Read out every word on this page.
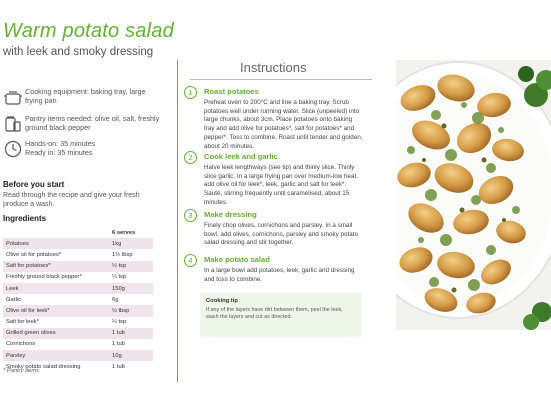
Warm potato salad
with leek and smoky dressing
Cooking equipment: baking tray, large frying pan
Pantry items needed: olive oil, salt, freshly ground black pepper
Hands-on: 35 minutes
Ready in: 35 minutes
Before you start
Read through the recipe and give your fresh produce a wash.
Ingredients
	6 serves
Potatoes	1kg
Olive oil for potatoes*	1½ tbsp
Salt for potatoes*	½ tsp
Freshly ground black pepper*	¼ tsp
Leek	150g
Garlic	6g
Olive oil for leek*	½ tbsp
Salt for leek*	¼ tsp
Grilled green olives	1 tub
Cornichons	1 tub
Parsley	10g
Smoky potato salad dressing	1 tub
* Pantry items
Instructions
1	Roast potatoes
Preheat oven to 200°C and line a baking tray. Scrub potatoes well under running water. Slice (unpeeled) into large chunks, about 3cm. Place potatoes onto baking tray and add olive for potatoes*, salt for potatoes* and pepper*. Toss to combine. Roast until tender and golden, about 20 minutes.
2	Cook leek and garlic
Halve leek lengthways (see tip) and thinly slice. Thinly slice garlic. In a large frying pan over medium-low heat, add olive oil for leek*, leek, garlic and salt for leek*. Sauté, stirring frequently until caramelised, about 15 minutes.
3	Make dressing
Finely chop olives, cornichons and parsley. In a small bowl, add olives, cornichons, parsley and smoky potato salad dressing and stir together.
4	Make potato salad
In a large bowl add potatoes, leek, garlic and dressing and toss to combine.
Cooking tip
If any of the layers have dirt between them, peel the leek, wash the layers and cut as directed.
